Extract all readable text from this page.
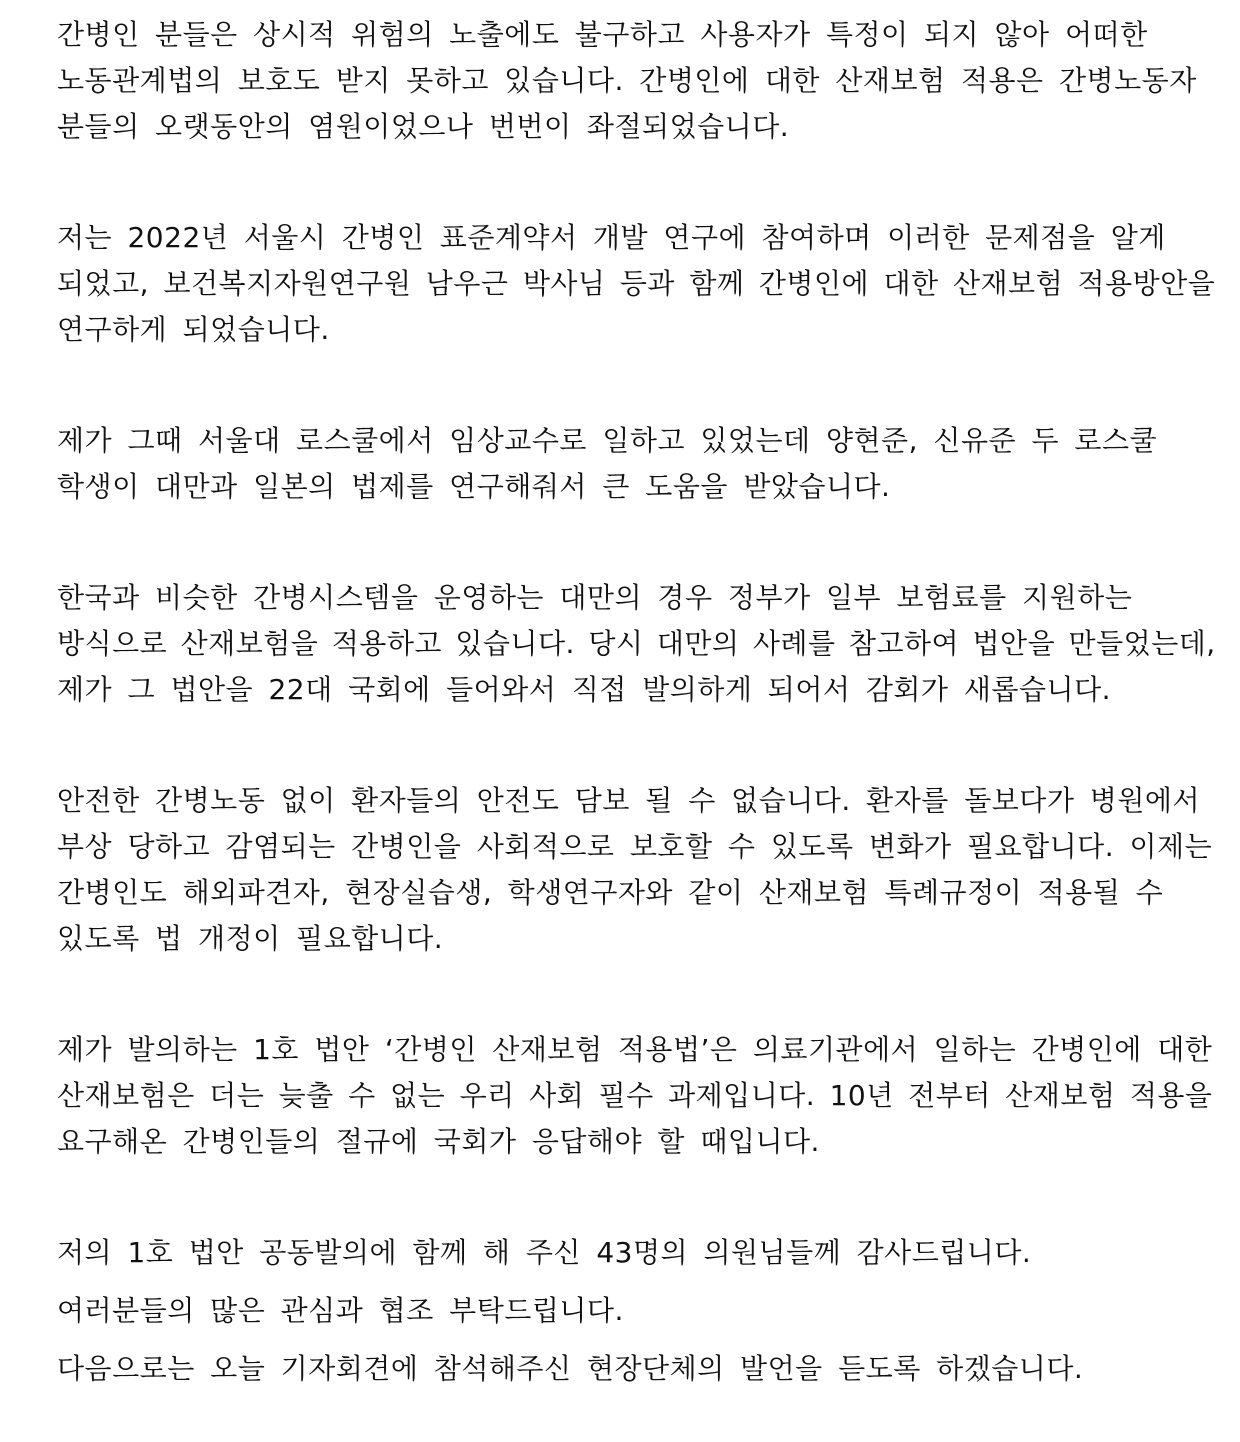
간병인 분들은 상시적 위험의 노출에도 불구하고 사용자가 특정이 되지 않아 어떠한
노동관계법의 보호도 받지 못하고 있습니다. 간병인에 대한 산재보험 적용은 간병노동자
분들의 오랫동안의 염원이었으나 번번이 좌절되었습니다.
저는 2022년 서울시 간병인 표준계약서 개발 연구에 참여하며 이러한 문제점을 알게
되었고, 보건복지자원연구원 남우근 박사님 등과 함께 간병인에 대한 산재보험 적용방안을
연구하게 되었습니다.
제가 그때 서울대 로스쿨에서 임상교수로 일하고 있었는데 양현준, 신유준 두 로스쿨
학생이 대만과 일본의 법제를 연구해줘서 큰 도움을 받았습니다.
한국과 비슷한 간병시스템을 운영하는 대만의 경우 정부가 일부 보험료를 지원하는
방식으로 산재보험을 적용하고 있습니다. 당시 대만의 사례를 참고하여 법안을 만들었는데,
제가 그 법안을 22대 국회에 들어와서 직접 발의하게 되어서 감회가 새롭습니다.
안전한 간병노동 없이 환자들의 안전도 담보 될 수 없습니다. 환자를 돌보다가 병원에서
부상 당하고 감염되는 간병인을 사회적으로 보호할 수 있도록 변화가 필요합니다. 이제는
간병인도 해외파견자, 현장실습생, 학생연구자와 같이 산재보험 특례규정이 적용될 수
있도록 법 개정이 필요합니다.
제가 발의하는 1호 법안 ‘간병인 산재보험 적용법’은 의료기관에서 일하는 간병인에 대한
산재보험은 더는 늦출 수 없는 우리 사회 필수 과제입니다. 10년 전부터 산재보험 적용을
요구해온 간병인들의 절규에 국회가 응답해야 할 때입니다.
저의 1호 법안 공동발의에 함께 해 주신 43명의 의원님들께 감사드립니다.
여러분들의 많은 관심과 협조 부탁드립니다.
다음으로는 오늘 기자회견에 참석해주신 현장단체의 발언을 듣도록 하겠습니다.
